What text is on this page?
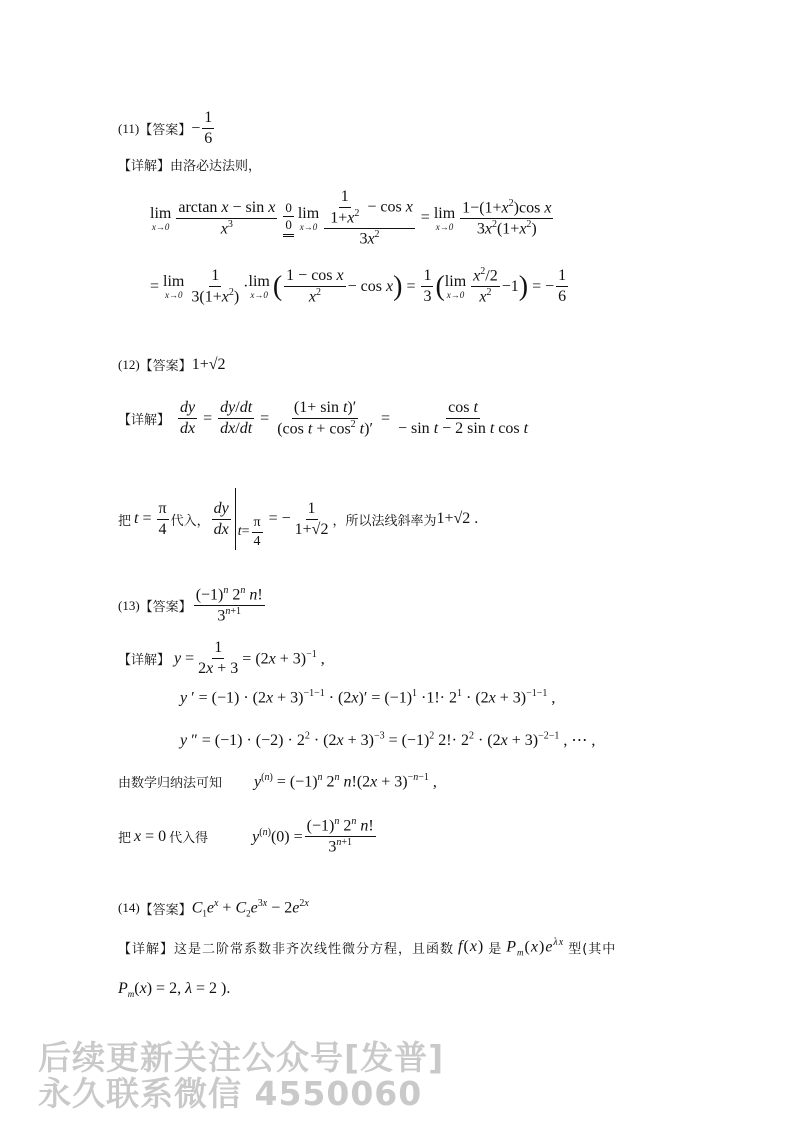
(11) 【答案】 − $\frac{1}{6}$
【详解】 由洛必达法则，
lim
$x\to 0 \frac{\text{arctan x − sin x}}{x^3} \frac{0}{0}$ lim
$x\to 0 \frac{\frac{1}{1+x^2} - \cos x}{3x^2} = \lim$
$x\to 0 \frac{1-(1+x^2)\cos x}{3x^2(1+x^2)}$
= lim
$x\to 0 \frac{1}{3(1+x^2)} \cdot \lim$
x→0 ( $\frac{\text{1 − cos x}}{x^2} - \cos x$ ) = $\frac{1}{3}$ ( lim
$x\to 0 \frac{x^2/2}{x^2} -1$ ) = − $\frac{1}{6}$
(12) 【答案】 1+√2
【详解】 $\frac{dy}{dx} = \frac{dy/dt}{dx/dt} = \frac{\text{(1+ sin t)′}}{(\cos t + \cos^2 t)'} = \frac{\text{cos t}}{\text{− sin t − 2 sin t cos t}}$
把 $t = \frac{\pi}{4}$ 代入， $\frac{dy}{dx}$ $t = \frac{\pi}{4}$ = − $\frac{1}{1+√2}$ ，所以法线斜率为 1+√2 .
(13) 【答案】 $\frac{(-1)^n 2^n n!}{3^{n+1}}$
【详解】 $y = \frac{1}{2x + 3} = (2x + 3)^{-1}$ ,
y ′ = $(-1) \cdot (2x + 3)^{-1-1} \cdot (2x)' = (-1)^1 \cdot 1!\cdot 2^1 \cdot (2x + 3)^{-1-1}$ ,
y ″ = $(-1) \cdot (-2) \cdot 2^2 \cdot (2x + 3)^{-3} = (-1)^2$ $2!\cdot 2^2 \cdot (2x + 3)^{-2-1}$ , ⋯ ,
由数学归纳法可知 $y^{(n)} = (-1)^n$ 2$^n$ $n!(2x + 3)^{-n-1}$ ,
把 x = 0 代入得	$y^{(n)}(0) = \frac{(-1)^n 2^n n!}{3^{n+1}}$
(14) 【答案】 $C_1e^x + C_2e^{3x} - 2e^{2x}$
【详解】 这是二阶常系数非齐次线性微分方程，且函数 f(x) 是 $P_m(x)e^{\lambda x}$ 型(其中
$P_m(x) = 2$, λ = 2 ).
后续更新关注公众号[发普]
永久联系微信 4550060
